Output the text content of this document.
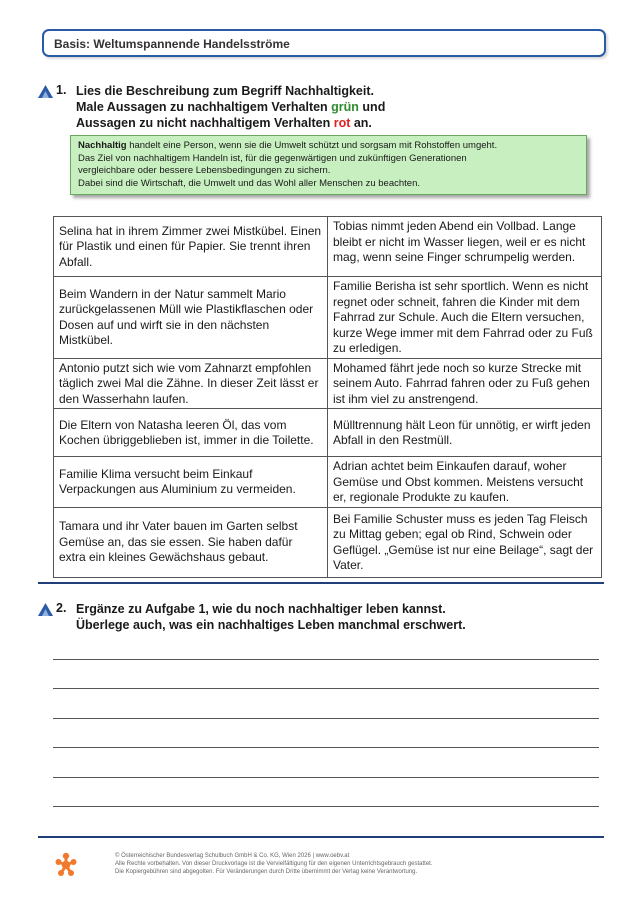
Basis: Weltumspannende Handelsströme
1. Lies die Beschreibung zum Begriff Nachhaltigkeit.
Male Aussagen zu nachhaltigem Verhalten grün und
Aussagen zu nicht nachhaltigem Verhalten rot an.
Nachhaltig handelt eine Person, wenn sie die Umwelt schützt und sorgsam mit Rohstoffen umgeht.
Das Ziel von nachhaltigem Handeln ist, für die gegenwärtigen und zukünftigen Generationen
vergleichbare oder bessere Lebensbedingungen zu sichern.
Dabei sind die Wirtschaft, die Umwelt und das Wohl aller Menschen zu beachten.
Selina hat in ihrem Zimmer zwei Mistkübel. Einen für Plastik und einen für Papier. Sie trennt ihren Abfall.	Tobias nimmt jeden Abend ein Vollbad. Lange bleibt er nicht im Wasser liegen, weil er es nicht mag, wenn seine Finger schrumpelig werden.
Beim Wandern in der Natur sammelt Mario zurückgelassenen Müll wie Plastikflaschen oder Dosen auf und wirft sie in den nächsten Mistkübel.	Familie Berisha ist sehr sportlich. Wenn es nicht regnet oder schneit, fahren die Kinder mit dem Fahrrad zur Schule. Auch die Eltern versuchen, kurze Wege immer mit dem Fahrrad oder zu Fuß zu erledigen.
Antonio putzt sich wie vom Zahnarzt empfohlen täglich zwei Mal die Zähne. In dieser Zeit lässt er den Wasserhahn laufen.	Mohamed fährt jede noch so kurze Strecke mit seinem Auto. Fahrrad fahren oder zu Fuß gehen ist ihm viel zu anstrengend.
Die Eltern von Natasha leeren Öl, das vom Kochen übriggeblieben ist, immer in die Toilette.	Mülltrennung hält Leon für unnötig, er wirft jeden Abfall in den Restmüll.
Familie Klima versucht beim Einkauf Verpackungen aus Aluminium zu vermeiden.	Adrian achtet beim Einkaufen darauf, woher Gemüse und Obst kommen. Meistens versucht er, regionale Produkte zu kaufen.
Tamara und ihr Vater bauen im Garten selbst Gemüse an, das sie essen. Sie haben dafür extra ein kleines Gewächshaus gebaut.	Bei Familie Schuster muss es jeden Tag Fleisch zu Mittag geben; egal ob Rind, Schwein oder Geflügel. „Gemüse ist nur eine Beilage“, sagt der Vater.
2. Ergänze zu Aufgabe 1, wie du noch nachhaltiger leben kannst.
Überlege auch, was ein nachhaltiges Leben manchmal erschwert.
© Österreichischer Bundesverlag Schulbuch GmbH & Co. KG, Wien 2026 | www.oebv.at
Alle Rechte vorbehalten. Von dieser Druckvorlage ist die Vervielfältigung für den eigenen Unterrichtsgebrauch gestattet.
Die Kopiergebühren sind abgegolten. Für Veränderungen durch Dritte übernimmt der Verlag keine Verantwortung.
